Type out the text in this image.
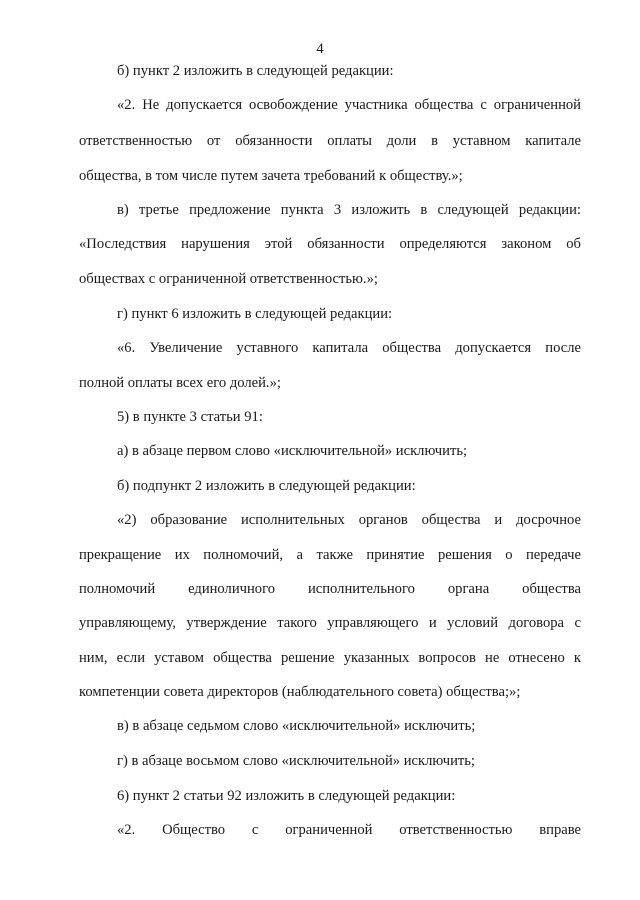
4
б) пункт 2 изложить в следующей редакции:
«2. Не допускается освобождение участника общества с ограниченной
ответственностью от обязанности оплаты доли в уставном капитале
общества, в том числе путем зачета требований к обществу.»;
в) третье предложение пункта 3 изложить в следующей редакции:
«Последствия нарушения этой обязанности определяются законом об
обществах с ограниченной ответственностью.»;
г) пункт 6 изложить в следующей редакции:
«6. Увеличение уставного капитала общества допускается после
полной оплаты всех его долей.»;
5) в пункте 3 статьи 91:
а) в абзаце первом слово «исключительной» исключить;
б) подпункт 2 изложить в следующей редакции:
«2) образование исполнительных органов общества и досрочное
прекращение их полномочий, а также принятие решения о передаче
полномочий единоличного исполнительного органа общества
управляющему, утверждение такого управляющего и условий договора с
ним, если уставом общества решение указанных вопросов не отнесено к
компетенции совета директоров (наблюдательного совета) общества;»;
в) в абзаце седьмом слово «исключительной» исключить;
г) в абзаце восьмом слово «исключительной» исключить;
6) пункт 2 статьи 92 изложить в следующей редакции:
«2. Общество с ограниченной ответственностью вправе
